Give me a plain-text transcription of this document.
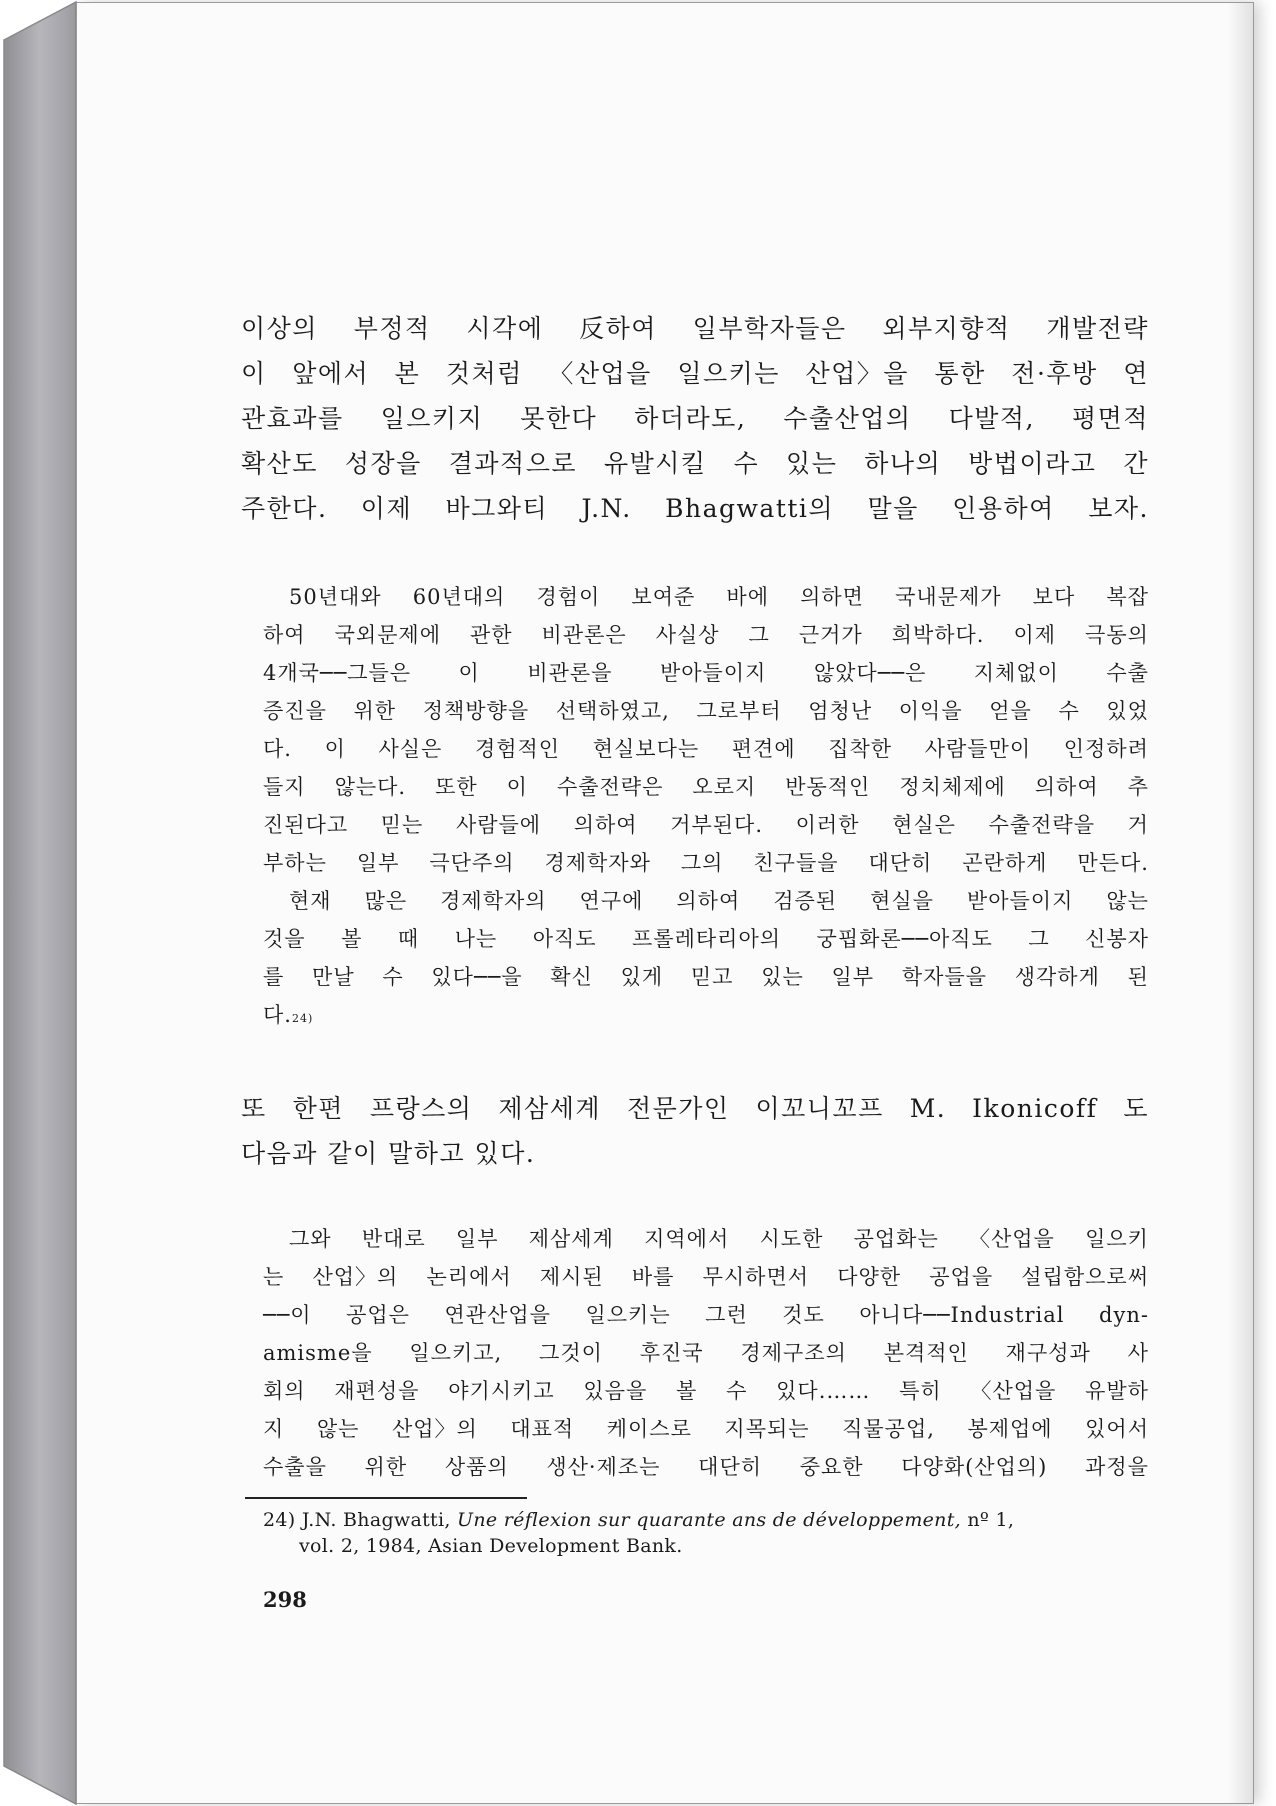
이상의 부정적 시각에 反하여 일부학자들은 외부지향적 개발전략
이 앞에서 본 것처럼 〈산업을 일으키는 산업〉을 통한 전·후방 연
관효과를 일으키지 못한다 하더라도, 수출산업의 다발적, 평면적
확산도 성장을 결과적으로 유발시킬 수 있는 하나의 방법이라고 간
주한다. 이제 바그와티 J.N. Bhagwatti의 말을 인용하여 보자.
50년대와 60년대의 경험이 보여준 바에 의하면 국내문제가 보다 복잡
하여 국외문제에 관한 비관론은 사실상 그 근거가 희박하다. 이제 극동의
4개국──그들은 이 비관론을 받아들이지 않았다──은 지체없이 수출
증진을 위한 정책방향을 선택하였고, 그로부터 엄청난 이익을 얻을 수 있었
다. 이 사실은 경험적인 현실보다는 편견에 집착한 사람들만이 인정하려
들지 않는다. 또한 이 수출전략은 오로지 반동적인 정치체제에 의하여 추
진된다고 믿는 사람들에 의하여 거부된다. 이러한 현실은 수출전략을 거
부하는 일부 극단주의 경제학자와 그의 친구들을 대단히 곤란하게 만든다.
현재 많은 경제학자의 연구에 의하여 검증된 현실을 받아들이지 않는
것을 볼 때 나는 아직도 프롤레타리아의 궁핍화론──아직도 그 신봉자
를 만날 수 있다──을 확신 있게 믿고 있는 일부 학자들을 생각하게 된
다$._{24)}$
또 한편 프랑스의 제삼세계 전문가인 이꼬니꼬프 M. Ikonicoff 도
다음과 같이 말하고 있다.
그와 반대로 일부 제삼세계 지역에서 시도한 공업화는 〈산업을 일으키
는 산업〉의 논리에서 제시된 바를 무시하면서 다양한 공업을 설립함으로써
──이 공업은 연관산업을 일으키는 그런 것도 아니다──Industrial dyn-
amisme을 일으키고, 그것이 후진국 경제구조의 본격적인 재구성과 사
회의 재편성을 야기시키고 있음을 볼 수 있다.…… 특히 〈산업을 유발하
지 않는 산업〉의 대표적 케이스로 지목되는 직물공업, 봉제업에 있어서
수출을 위한 상품의 생산·제조는 대단히 중요한 다양화(산업의) 과정을
24)
J.N. Bhagwatti,
Une réflexion sur quarante ans de développement,
nº 1,
vol. 2, 1984, Asian Development Bank.
298
